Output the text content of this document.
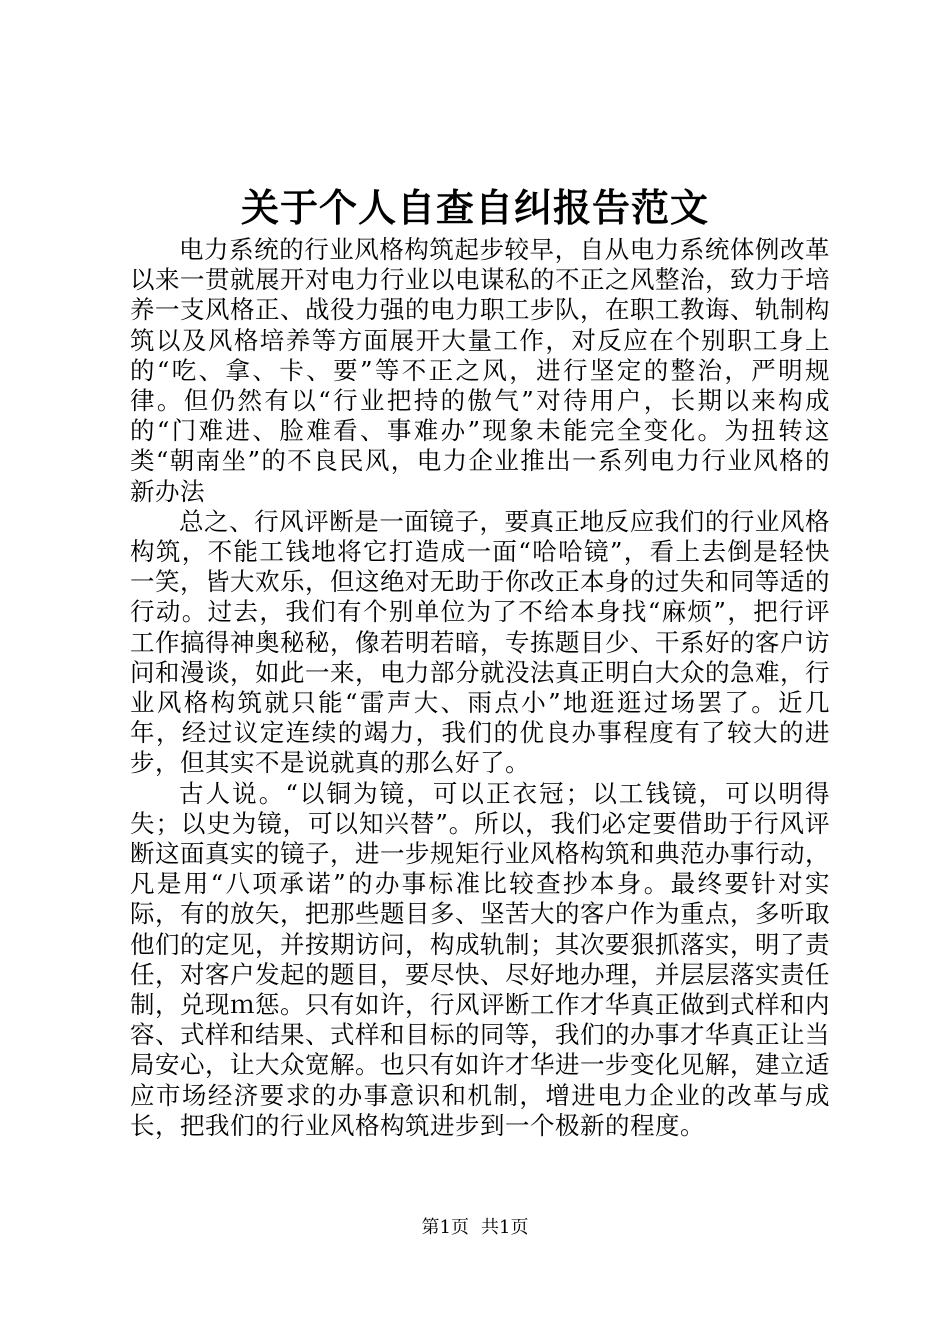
关于个人自查自纠报告范文

电力系统的行业风格构筑起步较早，自从电力系统体例改革以来一贯就展开对电力行业以电谋私的不正之风整治，致力于培养一支风格正、战役力强的电力职工步队，在职工教诲、轨制构筑以及风格培养等方面展开大量工作，对反应在个别职工身上的“吃、拿、卡、要”等不正之风，进行坚定的整治，严明规律。但仍然有以“行业把持的傲气”对待用户，长期以来构成的“门难进、脸难看、事难办”现象未能完全变化。为扭转这类“朝南坐”的不良民风，电力企业推出一系列电力行业风格的新办法

总之、行风评断是一面镜子，要真正地反应我们的行业风格构筑，不能工钱地将它打造成一面“哈哈镜”，看上去倒是轻快一笑，皆大欢乐，但这绝对无助于你改正本身的过失和同等适的行动。过去，我们有个别单位为了不给本身找“麻烦”，把行评工作搞得神奥秘秘，像若明若暗，专拣题目少、干系好的客户访问和漫谈，如此一来，电力部分就没法真正明白大众的急难，行业风格构筑就只能“雷声大、雨点小”地逛逛过场罢了。近几年，经过议定连续的竭力，我们的优良办事程度有了较大的进步，但其实不是说就真的那么好了。

古人说。“以铜为镜，可以正衣冠；以工钱镜，可以明得失；以史为镜，可以知兴替”。所以，我们必定要借助于行风评断这面真实的镜子，进一步规矩行业风格构筑和典范办事行动，凡是用“八项承诺”的办事标准比较查抄本身。最终要针对实际，有的放矢，把那些题目多、坚苦大的客户作为重点，多听取他们的定见，并按期访问，构成轨制；其次要狠抓落实，明了责任，对客户发起的题目，要尽快、尽好地办理，并层层落实责任制，兑现ｍ惩。只有如许，行风评断工作才华真正做到式样和内容、式样和结果、式样和目标的同等，我们的办事才华真正让当局安心，让大众宽解。也只有如许才华进一步变化见解，建立适应市场经济要求的办事意识和机制，增进电力企业的改革与成长，把我们的行业风格构筑进步到一个极新的程度。

第1页 共1页
